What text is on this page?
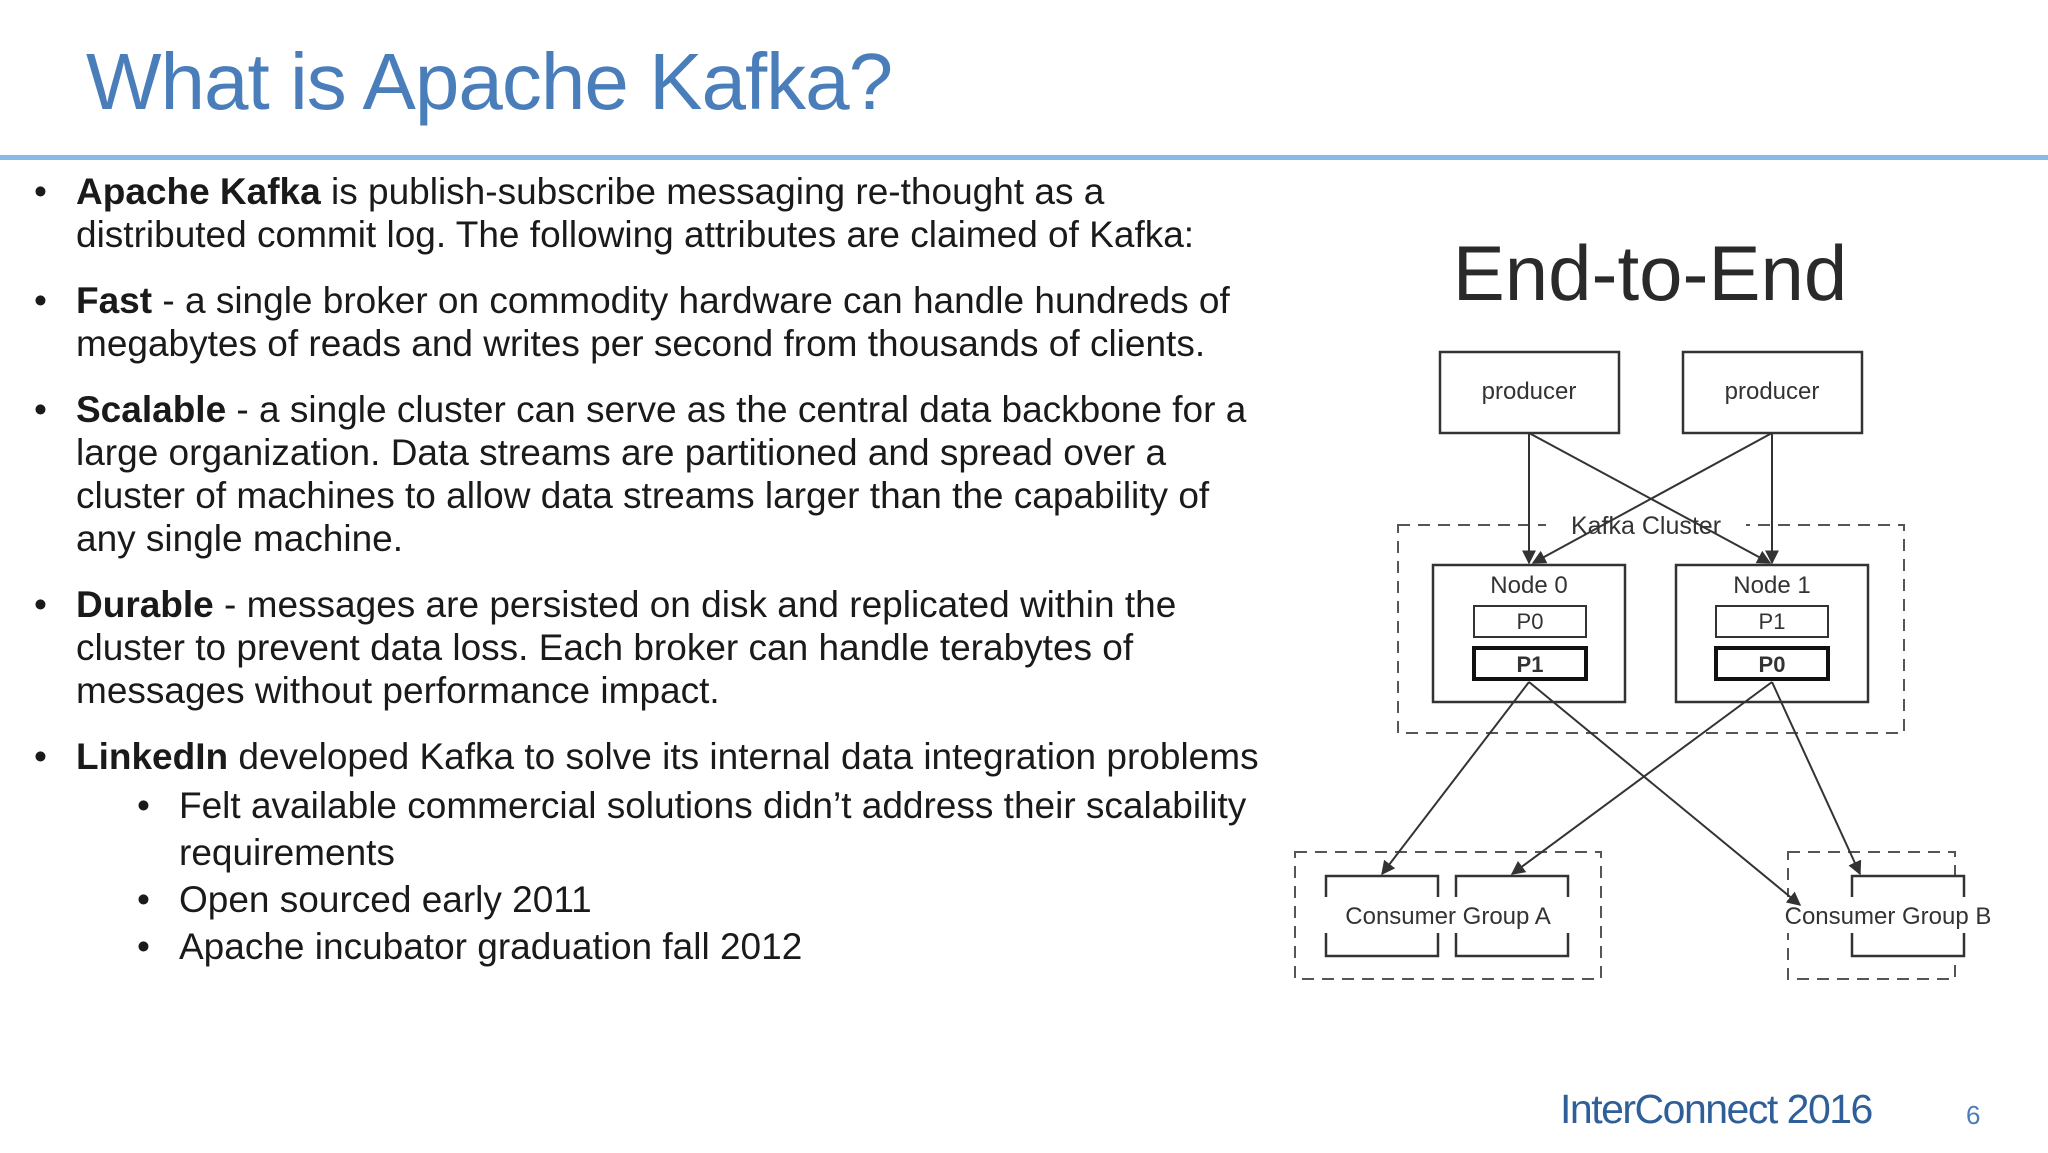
What is Apache Kafka?
• Apache Kafka is publish-subscribe messaging re-thought as a distributed commit log. The following attributes are claimed of Kafka:
• Fast - a single broker on commodity hardware can handle hundreds of megabytes of reads and writes per second from thousands of clients.
• Scalable - a single cluster can serve as the central data backbone for a large organization. Data streams are partitioned and spread over a cluster of machines to allow data streams larger than the capability of any single machine.
• Durable - messages are persisted on disk and replicated within the cluster to prevent data loss. Each broker can handle terabytes of messages without performance impact.
• LinkedIn developed Kafka to solve its internal data integration problems
• Felt available commercial solutions didn’t address their scalability requirements
• Open sourced early 2011
• Apache incubator graduation fall 2012
End-to-End
producer	producer
Kafka Cluster
Node 0
P0
P1
Node 1
P1
P0
Consumer Group A	Consumer Group B
InterConnect 2016	6
